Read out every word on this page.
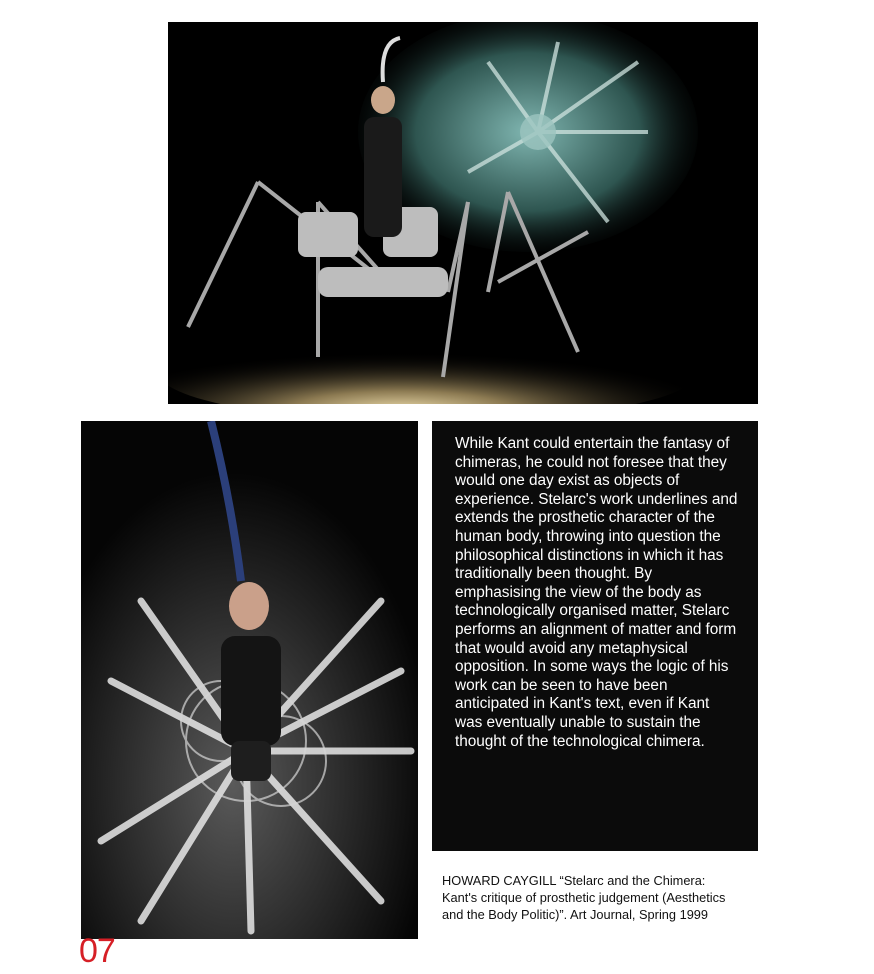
While Kant could entertain the fantasy of chimeras, he could not foresee that they would one day exist as objects of experience. Stelarc's work underlines and extends the prosthetic character of the human body, throwing into question the philosophical distinctions in which it has traditionally been thought. By emphasising the view of the body as technologically organised matter, Stelarc performs an alignment of matter and form that would avoid any metaphysical opposition. In some ways the logic of his work can be seen to have been anticipated in Kant's text, even if Kant was eventually unable to sustain the thought of the technological chimera.

HOWARD CAYGILL “Stelarc and the Chimera: Kant's critique of prosthetic judgement (Aesthetics and the Body Politic)”. Art Journal, Spring 1999
07
